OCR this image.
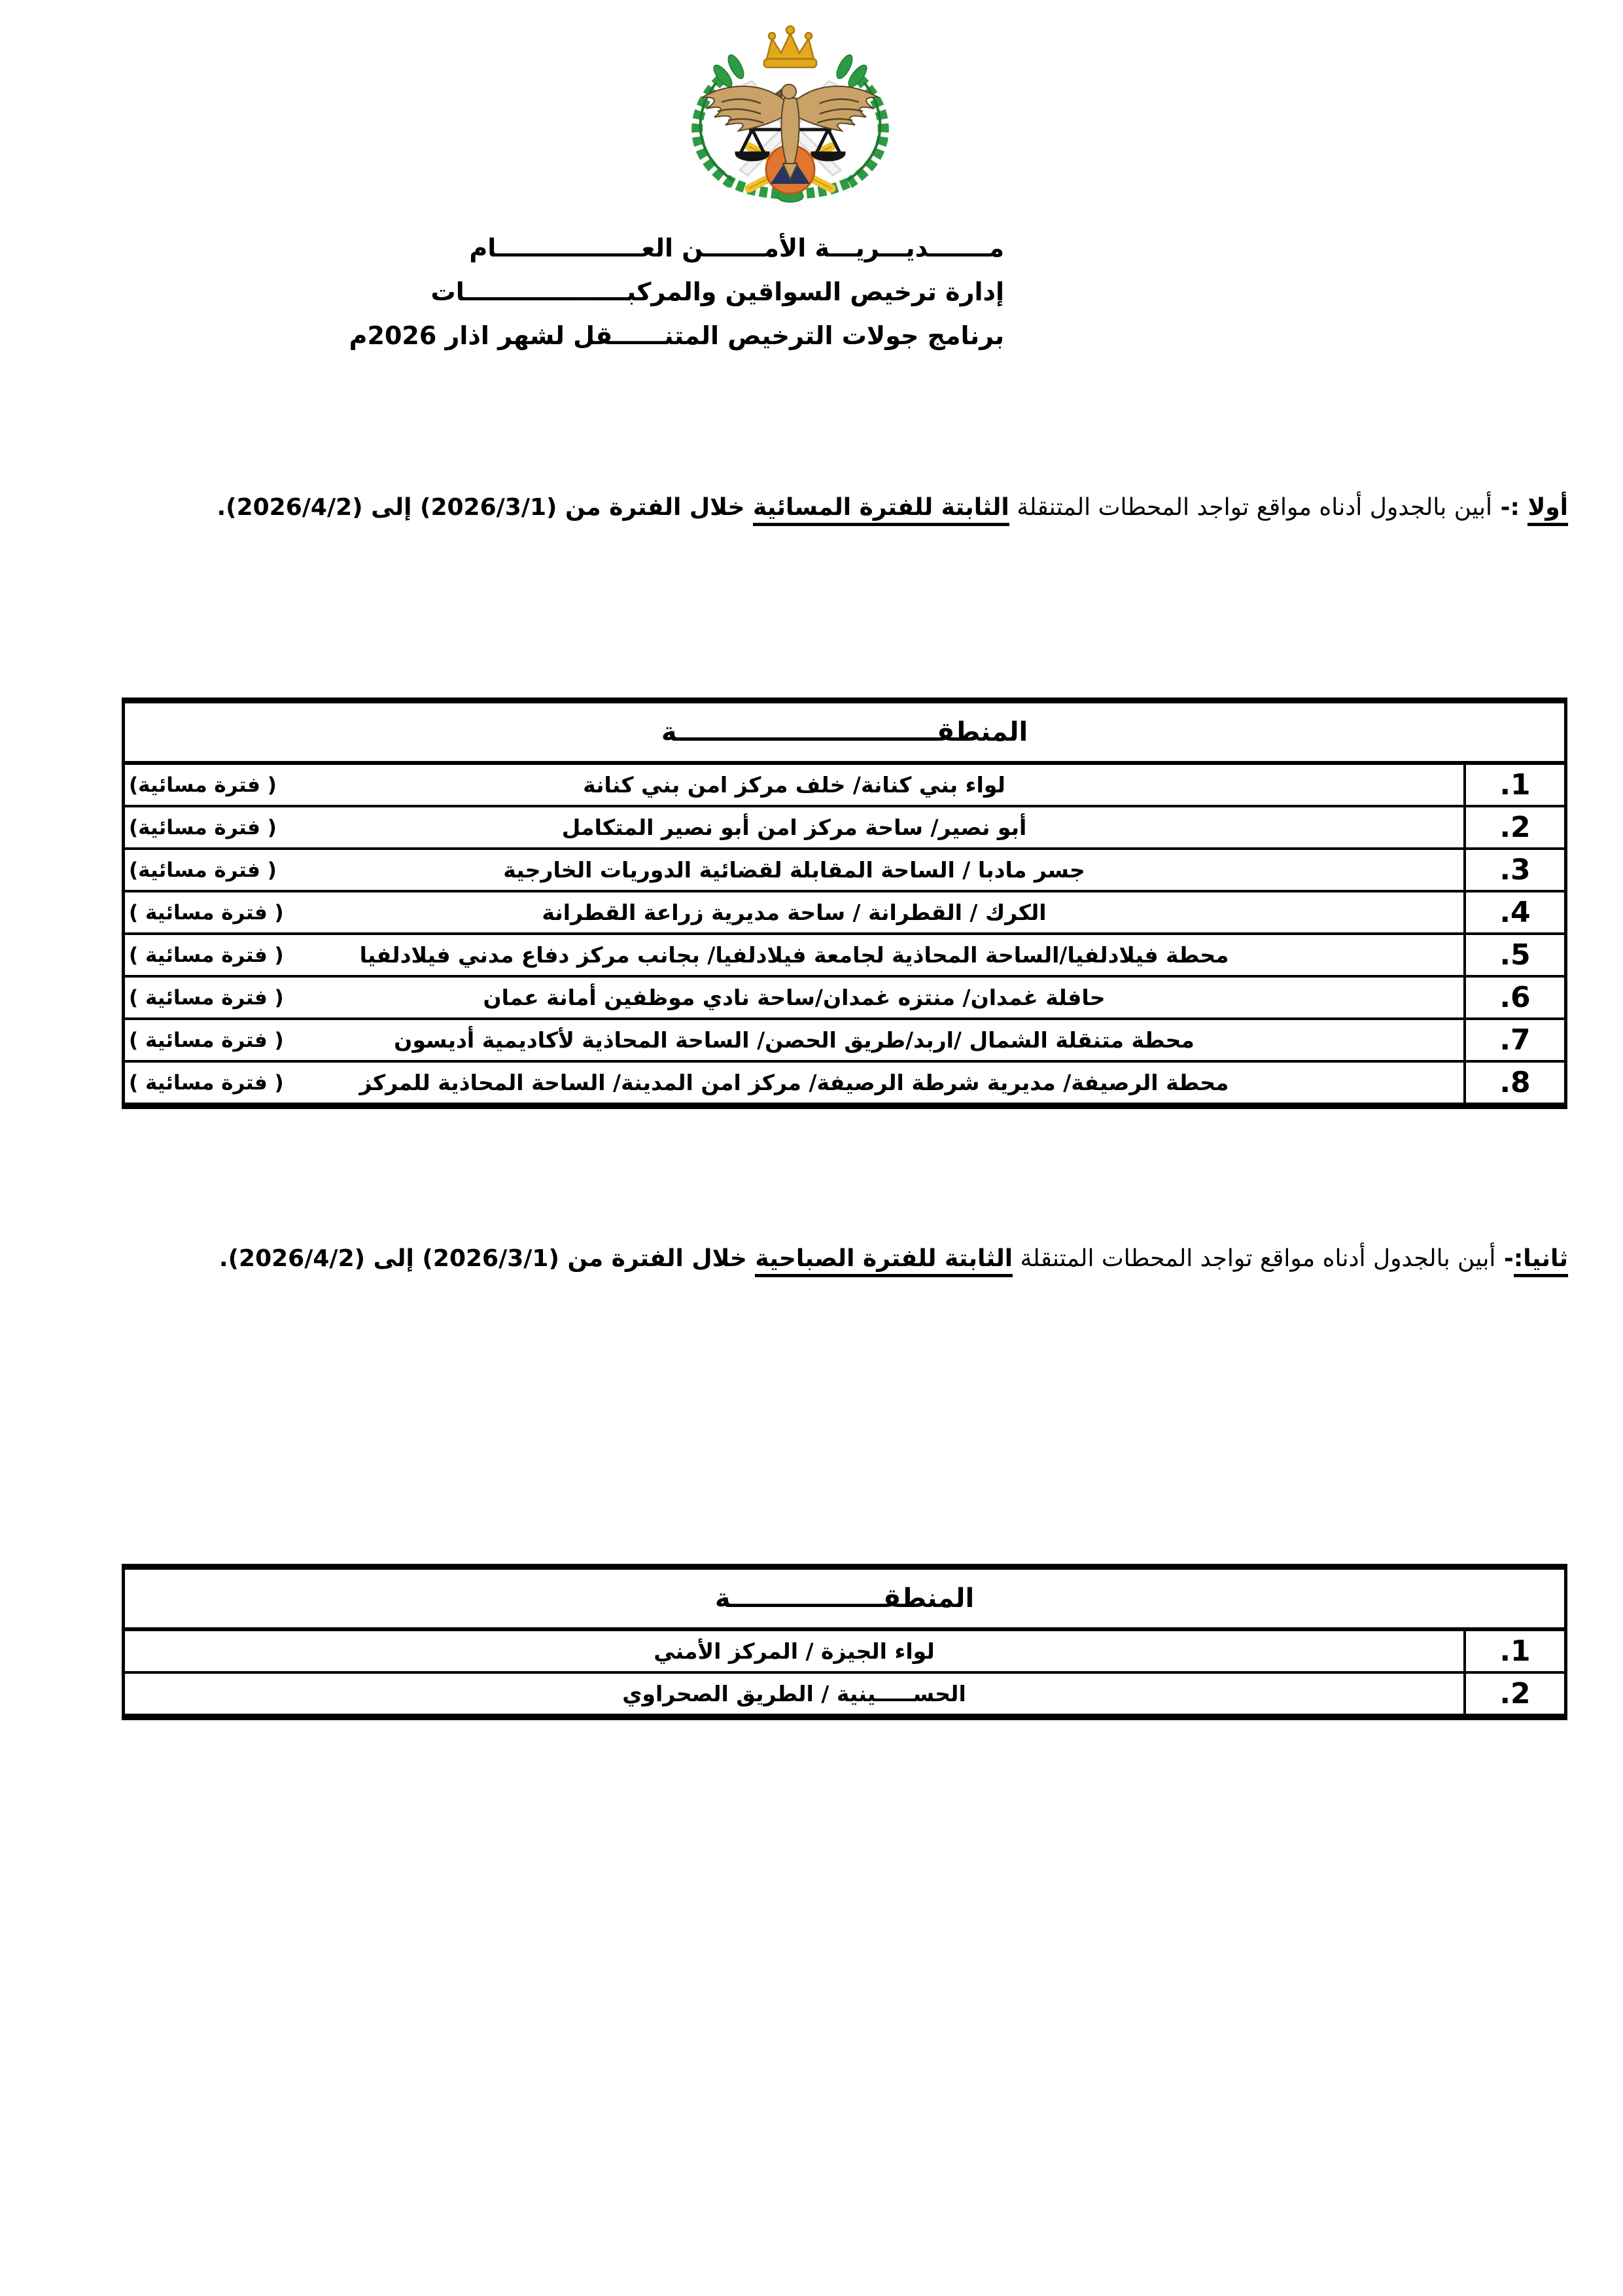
مـــــــديـــريـــة الأمـــــــن العـــــــــــــــــام
إدارة ترخيص السواقين والمركبـــــــــــــــــــات
برنامج جولات الترخيص المتنــــــقل لشهر اذار 2026م
أولا :- أبين بالجدول أدناه مواقع تواجد المحطات المتنقلة الثابتة للفترة المسائية خلال الفترة من (2026/3/1) إلى (2026/4/2).
المنطقـــــــــــــــــــــــــــــة
1.
لواء بني كنانة/ خلف مركز امن بني كنانة
( فترة مسائية)
2.
أبو نصير/ ساحة مركز امن أبو نصير المتكامل
( فترة مسائية)
3.
جسر مادبا / الساحة المقابلة لقضائية الدوريات الخارجية
( فترة مسائية)
4.
الكرك / القطرانة / ساحة مديرية زراعة القطرانة
( فترة مسائية )
5.
محطة فيلادلفيا/الساحة المحاذية لجامعة فيلادلفيا/ بجانب مركز دفاع مدني فيلادلفيا
( فترة مسائية )
6.
حافلة غمدان/ منتزه غمدان/ساحة نادي موظفين أمانة عمان
( فترة مسائية )
7.
محطة متنقلة الشمال /اربد/طريق الحصن/ الساحة المحاذية لأكاديمية أديسون
( فترة مسائية )
8.
محطة الرصيفة/ مديرية شرطة الرصيفة/ مركز امن المدينة/ الساحة المحاذية للمركز
( فترة مسائية )
ثانيا:- أبين بالجدول أدناه مواقع تواجد المحطات المتنقلة الثابتة للفترة الصباحية خلال الفترة من (2026/3/1) إلى (2026/4/2).
المنطقـــــــــــــــــة
1.
لواء الجيزة / المركز الأمني
2.
الحســـــينية / الطريق الصحراوي
